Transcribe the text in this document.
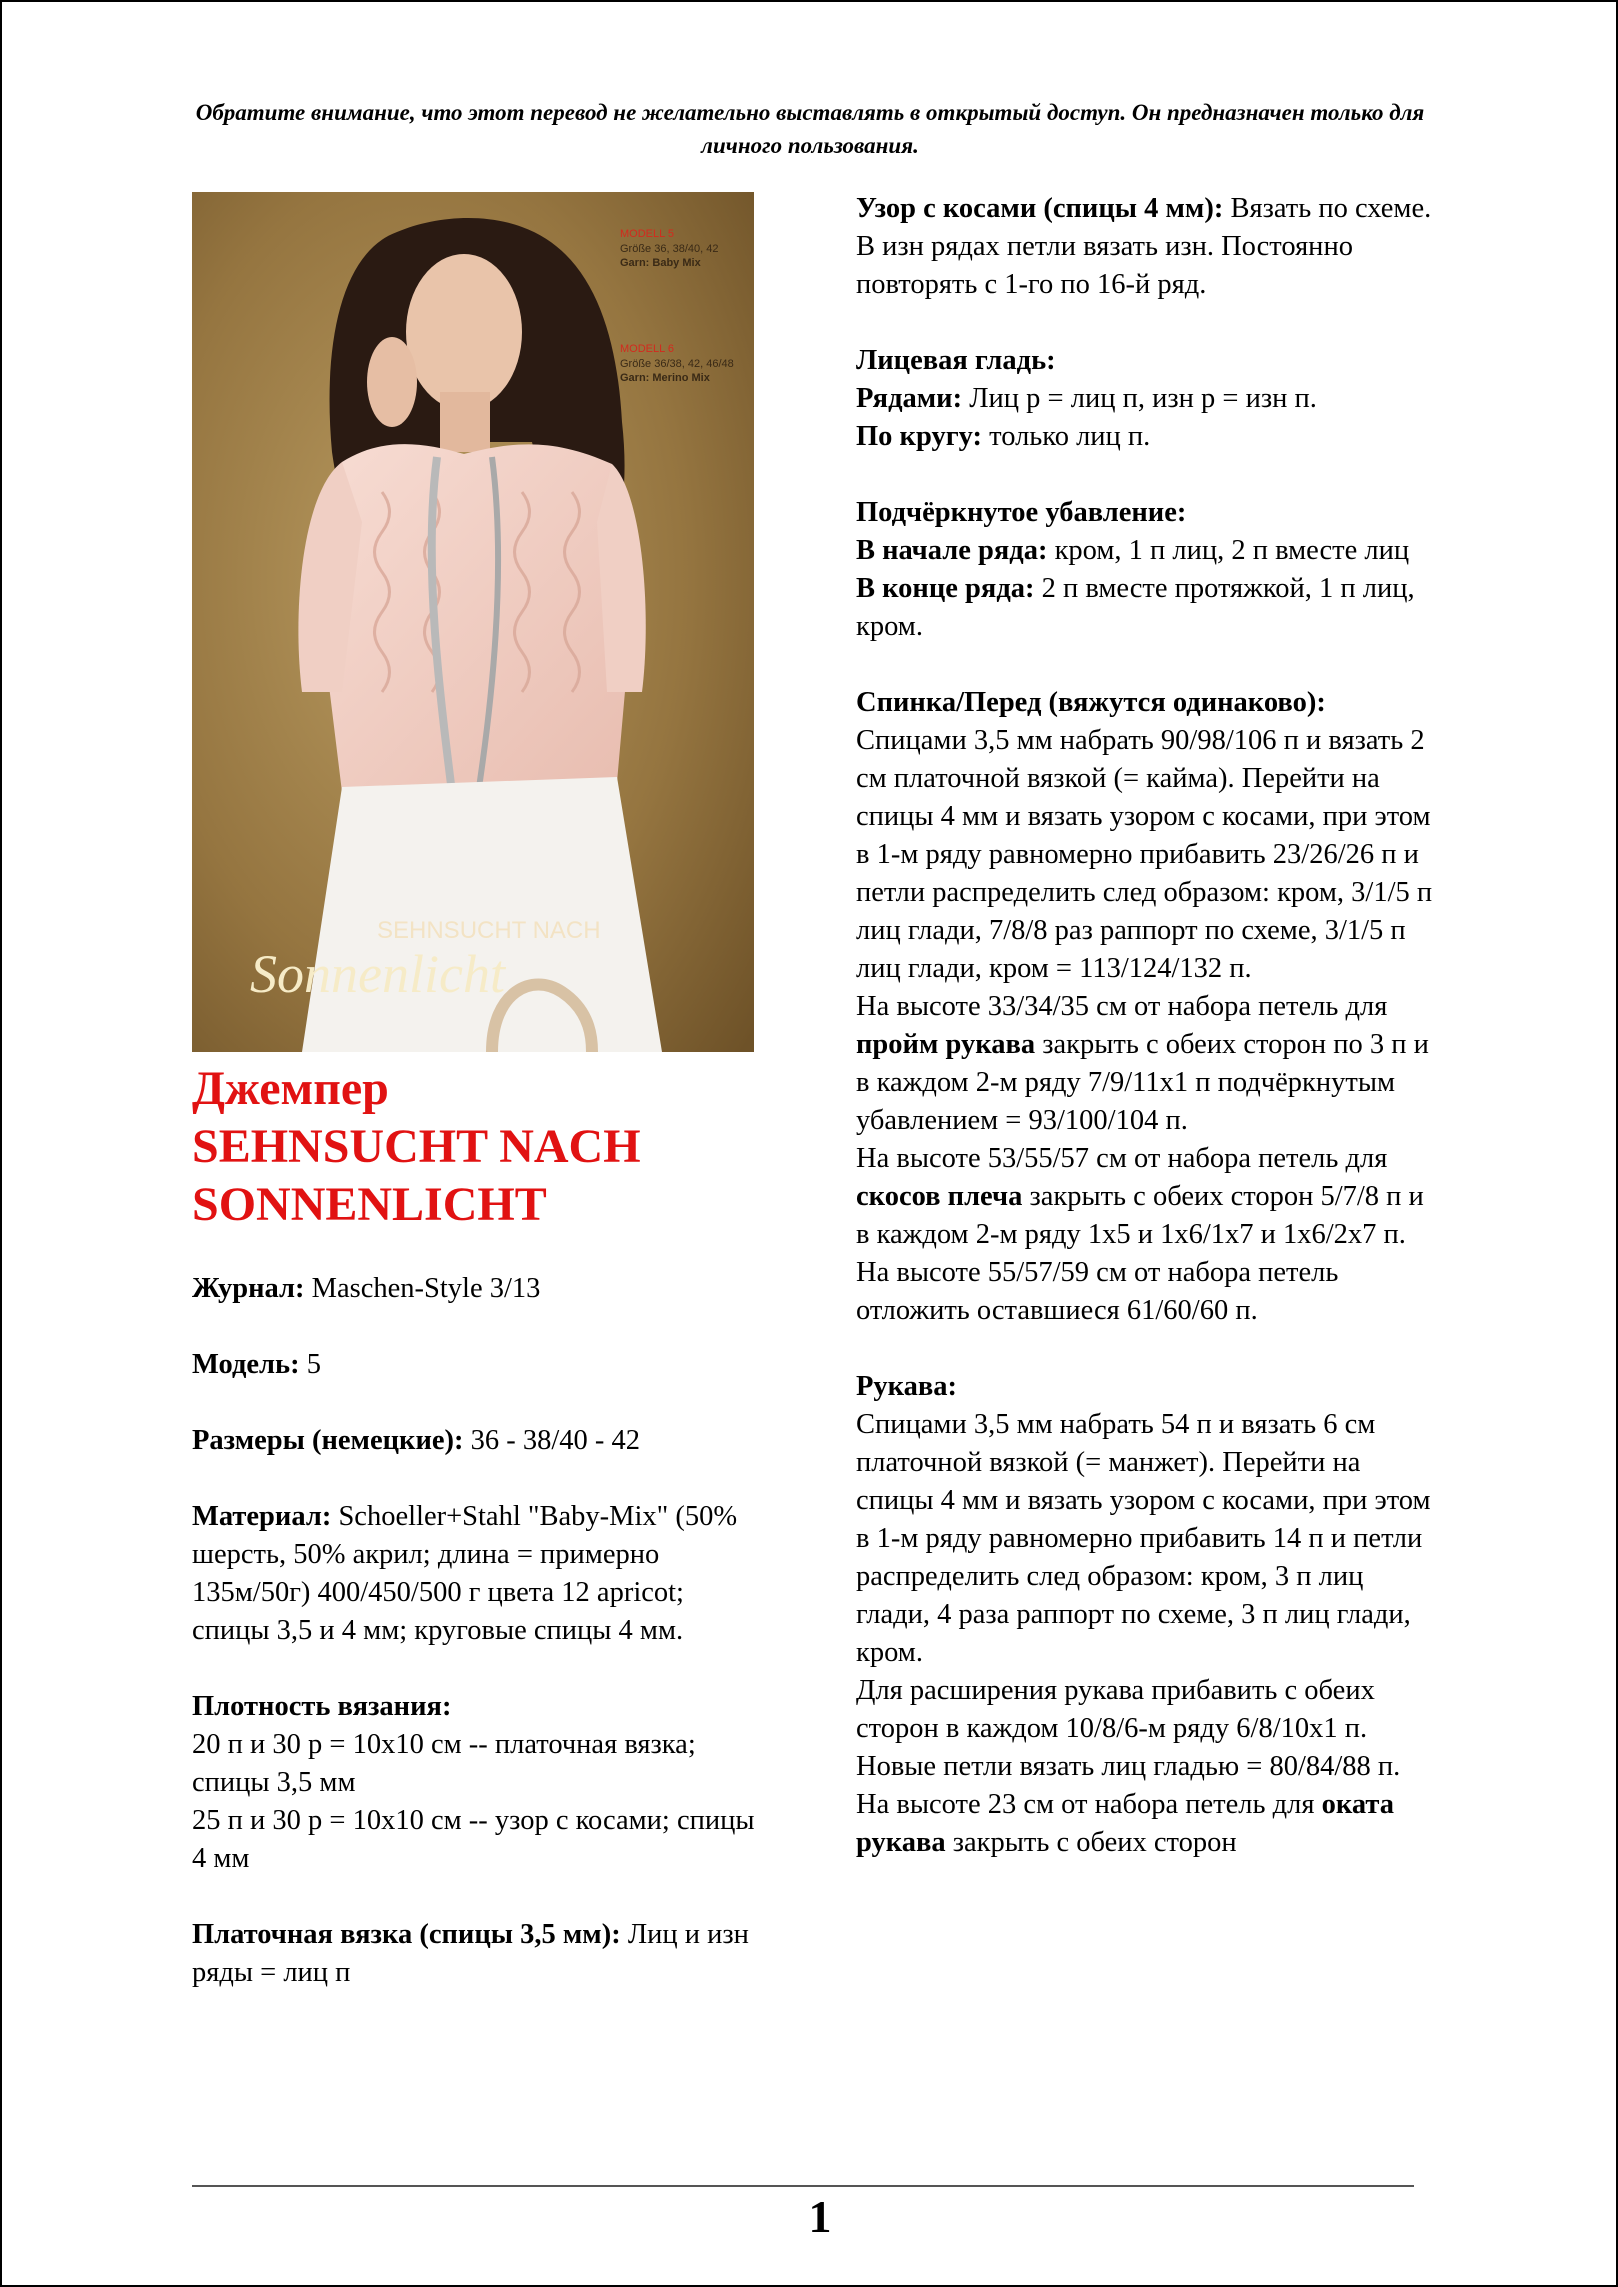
Обратите внимание, что этот перевод не желательно выставлять в открытый доступ. Он предназначен только для личного пользования.
MODELL 5
Größe 36, 38/40, 42
Garn: Baby Mix
MODELL 6
Größe 36/38, 42, 46/48
Garn: Merino Mix
SEHNSUCHT NACH
Sonnenlicht
Джемпер
SEHNSUCHT NACH
SONNENLICHT

Журнал: Maschen-Style 3/13

Модель: 5

Размеры (немецкие): 36 - 38/40 - 42

Материал: Schoeller+Stahl "Baby-Mix" (50% шерсть, 50% акрил; длина = примерно 135м/50г) 400/450/500 г цвета 12 apricot; спицы 3,5 и 4 мм; круговые спицы 4 мм.

Плотность вязания:

20 п и 30 р = 10х10 см -- платочная вязка; спицы 3,5 мм

25 п и 30 р = 10х10 см -- узор с косами; спицы 4 мм

Платочная вязка (спицы 3,5 мм): Лиц и изн ряды = лиц п

Узор с косами (спицы 4 мм): Вязать по схеме. В изн рядах петли вязать изн. Постоянно повторять с 1-го по 16-й ряд.

Лицевая гладь:

Рядами: Лиц р = лиц п, изн р = изн п.

По кругу: только лиц п.

Подчёркнутое убавление:

В начале ряда: кром, 1 п лиц, 2 п вместе лиц

В конце ряда: 2 п вместе протяжкой, 1 п лиц, кром.

Спинка/Перед (вяжутся одинаково):

Спицами 3,5 мм набрать 90/98/106 п и вязать 2 см платочной вязкой (= кайма). Перейти на спицы 4 мм и вязать узором с косами, при этом в 1-м ряду равномерно прибавить 23/26/26 п и петли распределить след образом: кром, 3/1/5 п лиц глади, 7/8/8 раз раппорт по схеме, 3/1/5 п лиц глади, кром = 113/124/132 п.

На высоте 33/34/35 см от набора петель для пройм рукава закрыть с обеих сторон по 3 п и в каждом 2-м ряду 7/9/11х1 п подчёркнутым убавлением = 93/100/104 п.

На высоте 53/55/57 см от набора петель для скосов плеча закрыть с обеих сторон 5/7/8 п и в каждом 2-м ряду 1х5 и 1х6/1х7 и 1х6/2х7 п.

На высоте 55/57/59 см от набора петель отложить оставшиеся 61/60/60 п.

Рукава:

Спицами 3,5 мм набрать 54 п и вязать 6 см платочной вязкой (= манжет). Перейти на спицы 4 мм и вязать узором с косами, при этом в 1-м ряду равномерно прибавить 14 п и петли распределить след образом: кром, 3 п лиц глади, 4 раза раппорт по схеме, 3 п лиц глади, кром.

Для расширения рукава прибавить с обеих сторон в каждом 10/8/6-м ряду 6/8/10х1 п. Новые петли вязать лиц гладью = 80/84/88 п.

На высоте 23 см от набора петель для оката рукава закрыть с обеих сторон

1
